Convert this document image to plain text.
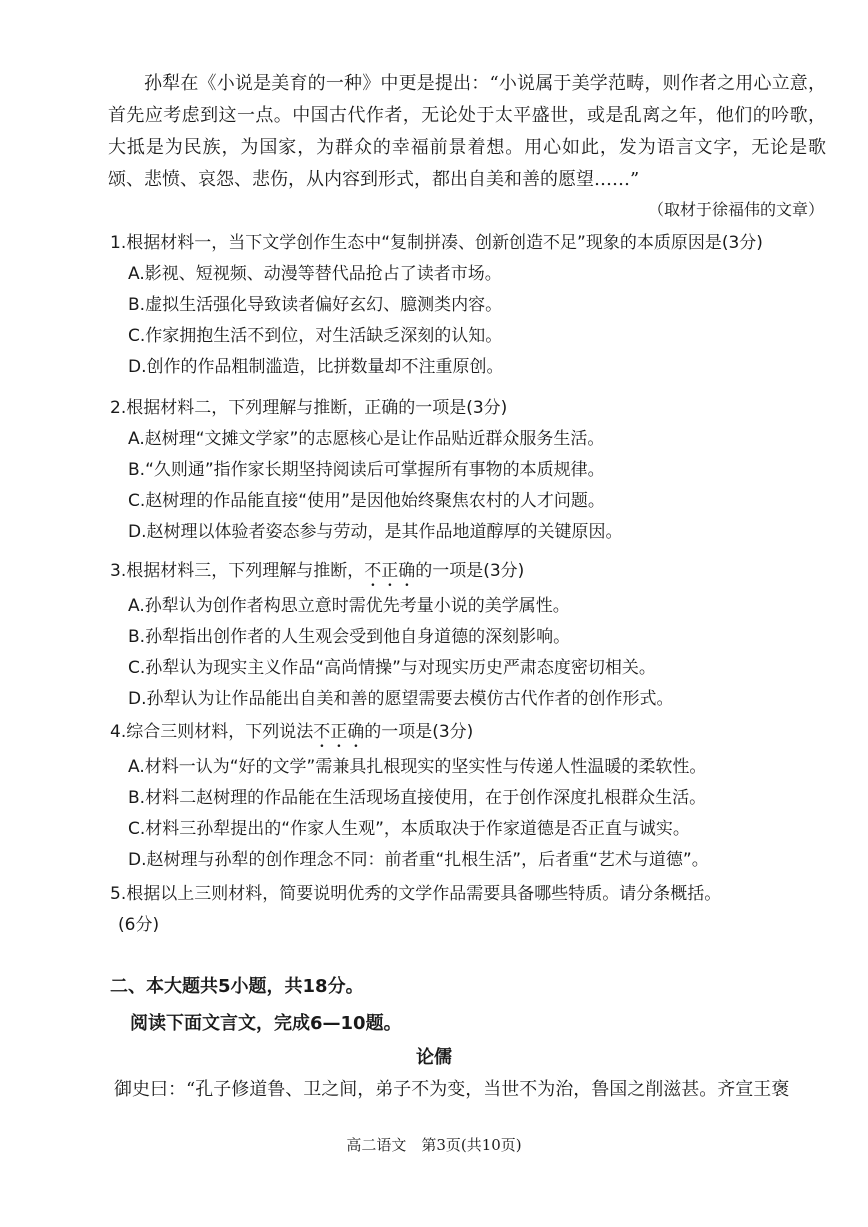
孙犁在《小说是美育的一种》中更是提出：“小说属于美学范畴，则作者之用心立意，首先应考虑到这一点。中国古代作者，无论处于太平盛世，或是乱离之年，他们的吟歌，大抵是为民族，为国家，为群众的幸福前景着想。用心如此，发为语言文字，无论是歌颂、悲愤、哀怨、悲伤，从内容到形式，都出自美和善的愿望……”
（取材于徐福伟的文章）
1.根据材料一，当下文学创作生态中“复制拼凑、创新创造不足”现象的本质原因是(3分)
A.影视、短视频、动漫等替代品抢占了读者市场。
B.虚拟生活强化导致读者偏好玄幻、臆测类内容。
C.作家拥抱生活不到位，对生活缺乏深刻的认知。
D.创作的作品粗制滥造，比拼数量却不注重原创。
2.根据材料二，下列理解与推断，正确的一项是(3分)
A.赵树理“文摊文学家”的志愿核心是让作品贴近群众服务生活。
B.“久则通”指作家长期坚持阅读后可掌握所有事物的本质规律。
C.赵树理的作品能直接“使用”是因他始终聚焦农村的人才问题。
D.赵树理以体验者姿态参与劳动，是其作品地道醇厚的关键原因。
3.根据材料三，下列理解与推断，不正确的一项是(3分)
A.孙犁认为创作者构思立意时需优先考量小说的美学属性。
B.孙犁指出创作者的人生观会受到他自身道德的深刻影响。
C.孙犁认为现实主义作品“高尚情操”与对现实历史严肃态度密切相关。
D.孙犁认为让作品能出自美和善的愿望需要去模仿古代作者的创作形式。
4.综合三则材料，下列说法不正确的一项是(3分)
A.材料一认为“好的文学”需兼具扎根现实的坚实性与传递人性温暖的柔软性。
B.材料二赵树理的作品能在生活现场直接使用，在于创作深度扎根群众生活。
C.材料三孙犁提出的“作家人生观”，本质取决于作家道德是否正直与诚实。
D.赵树理与孙犁的创作理念不同：前者重“扎根生活”，后者重“艺术与道德”。
5.根据以上三则材料，简要说明优秀的文学作品需要具备哪些特质。请分条概括。
(6分)
二、本大题共5小题，共18分。
阅读下面文言文，完成6—10题。
论儒
御史曰：“孔子修道鲁、卫之间，弟子不为变，当世不为治，鲁国之削滋甚。齐宣王褒
高二语文　第3页(共10页)
